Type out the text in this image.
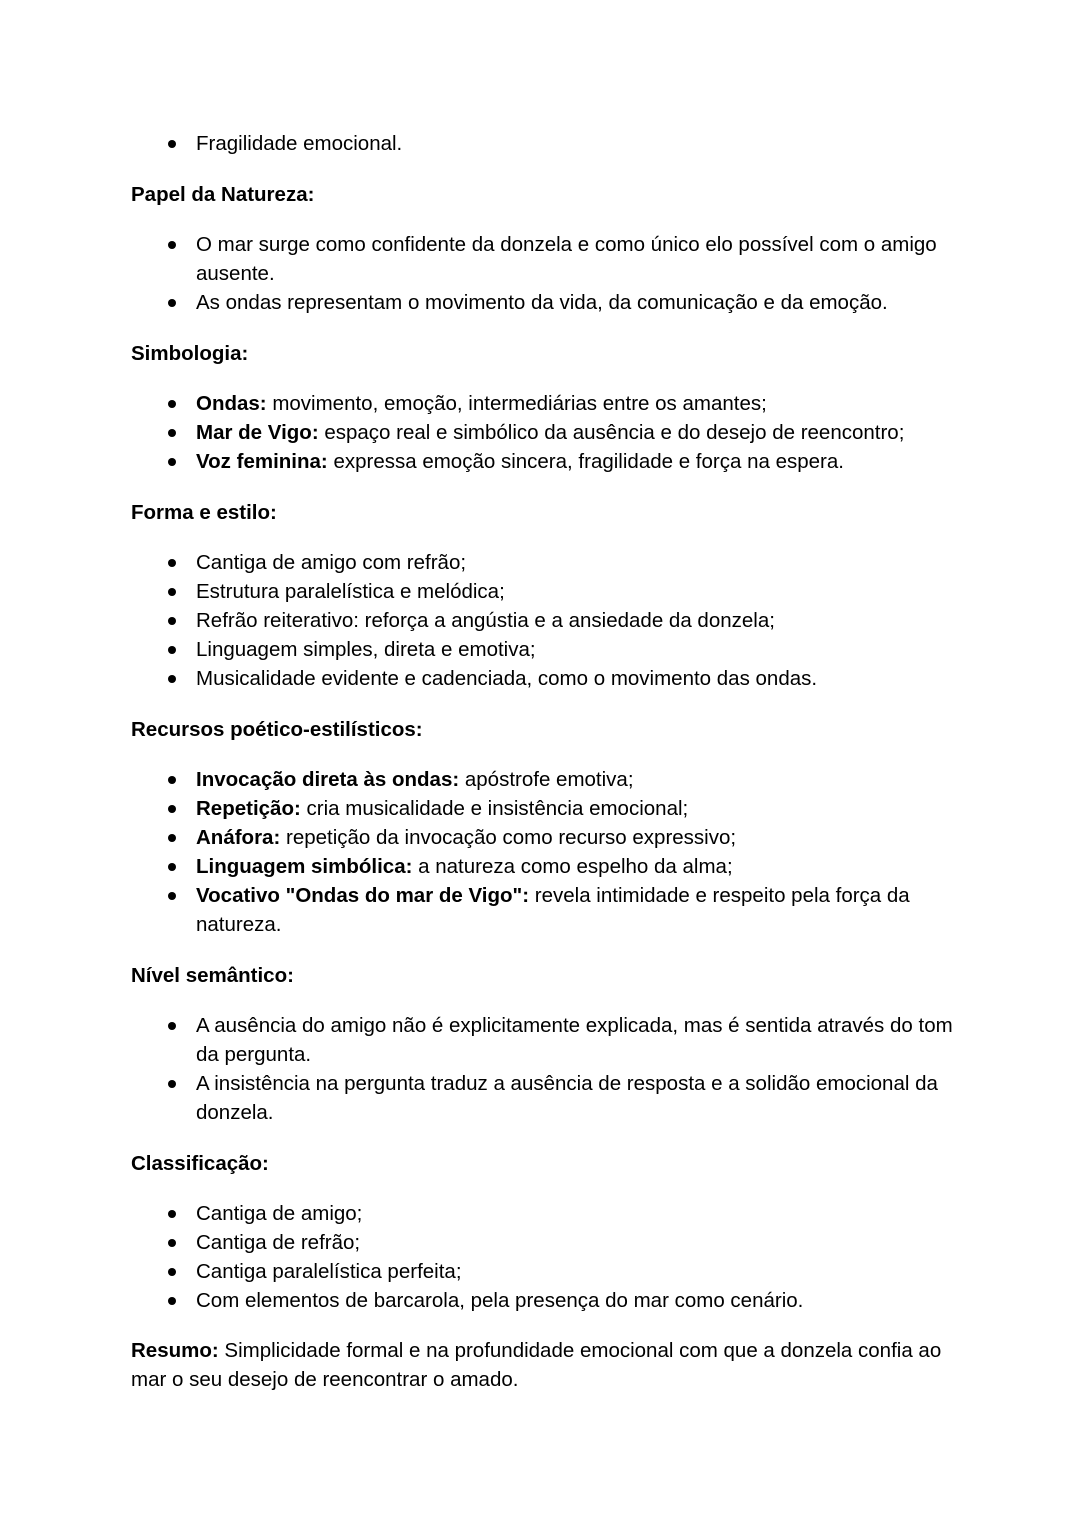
Fragilidade emocional.

Papel da Natureza:

O mar surge como confidente da donzela e como único elo possível com o amigo ausente.
As ondas representam o movimento da vida, da comunicação e da emoção.

Simbologia:

Ondas: movimento, emoção, intermediárias entre os amantes;
Mar de Vigo: espaço real e simbólico da ausência e do desejo de reencontro;
Voz feminina: expressa emoção sincera, fragilidade e força na espera.

Forma e estilo:

Cantiga de amigo com refrão;
Estrutura paralelística e melódica;
Refrão reiterativo: reforça a angústia e a ansiedade da donzela;
Linguagem simples, direta e emotiva;
Musicalidade evidente e cadenciada, como o movimento das ondas.

Recursos poético-estilísticos:

Invocação direta às ondas: apóstrofe emotiva;
Repetição: cria musicalidade e insistência emocional;
Anáfora: repetição da invocação como recurso expressivo;
Linguagem simbólica: a natureza como espelho da alma;
Vocativo "Ondas do mar de Vigo": revela intimidade e respeito pela força da natureza.

Nível semântico:

A ausência do amigo não é explicitamente explicada, mas é sentida através do tom da pergunta.
A insistência na pergunta traduz a ausência de resposta e a solidão emocional da donzela.

Classificação:

Cantiga de amigo;
Cantiga de refrão;
Cantiga paralelística perfeita;
Com elementos de barcarola, pela presença do mar como cenário.

Resumo: Simplicidade formal e na profundidade emocional com que a donzela confia ao mar o seu desejo de reencontrar o amado.
